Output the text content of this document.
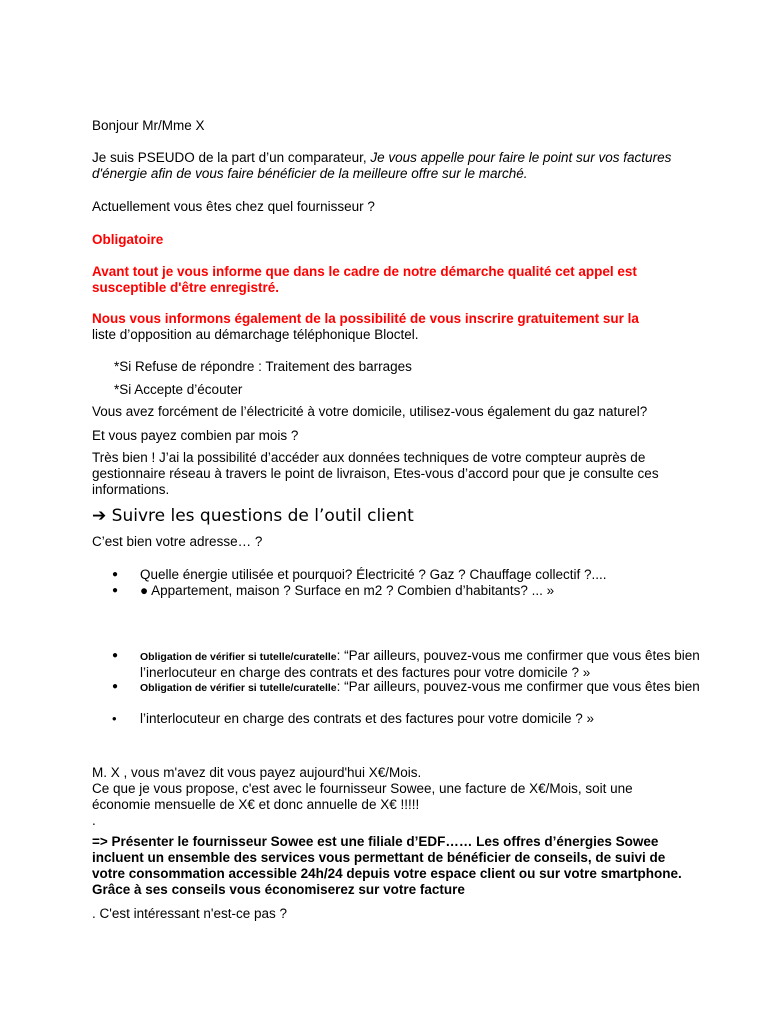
Bonjour Mr/Mme X

Je suis PSEUDO de la part d’un comparateur, Je vous appelle pour faire le point sur vos factures d'énergie afin de vous faire bénéficier de la meilleure offre sur le marché.

Actuellement vous êtes chez quel fournisseur ?

Obligatoire

Avant tout je vous informe que dans le cadre de notre démarche qualité cet appel est susceptible d'être enregistré.

Nous vous informons également de la possibilité de vous inscrire gratuitement sur la
liste d’opposition au démarchage téléphonique Bloctel.

*Si Refuse de répondre : Traitement des barrages

*Si Accepte d’écouter

Vous avez forcément de l’électricité à votre domicile, utilisez-vous également du gaz naturel?

Et vous payez combien par mois ?

Très bien ! J’ai la possibilité d’accéder aux données techniques de votre compteur auprès de gestionnaire réseau à travers le point de livraison, Etes-vous d’accord pour que je consulte ces informations.

➔ Suivre les questions de l’outil client

C’est bien votre adresse… ?

● Quelle énergie utilisée et pourquoi? Électricité ? Gaz ? Chauffage collectif ?....
● ● Appartement, maison ? Surface en m2 ? Combien d’habitants? ... »
● Obligation de vérifier si tutelle/curatelle: “Par ailleurs, pouvez-vous me confirmer que vous êtes bien l’inerlocuteur en charge des contrats et des factures pour votre domicile ? »
● Obligation de vérifier si tutelle/curatelle: “Par ailleurs, pouvez-vous me confirmer que vous êtes bien
• l’interlocuteur en charge des contrats et des factures pour votre domicile ? »

M. X , vous m'avez dit vous payez aujourd'hui X€/Mois.
Ce que je vous propose, c'est avec le fournisseur Sowee, une facture de X€/Mois, soit une économie mensuelle de X€ et donc annuelle de X€ !!!!!
.

=> Présenter le fournisseur Sowee est une filiale d’EDF…… Les offres d’énergies Sowee incluent un ensemble des services vous permettant de bénéficier de conseils, de suivi de votre consommation accessible 24h/24 depuis votre espace client ou sur votre smartphone. Grâce à ses conseils vous économiserez sur votre facture

. C'est intéressant n'est-ce pas ?
